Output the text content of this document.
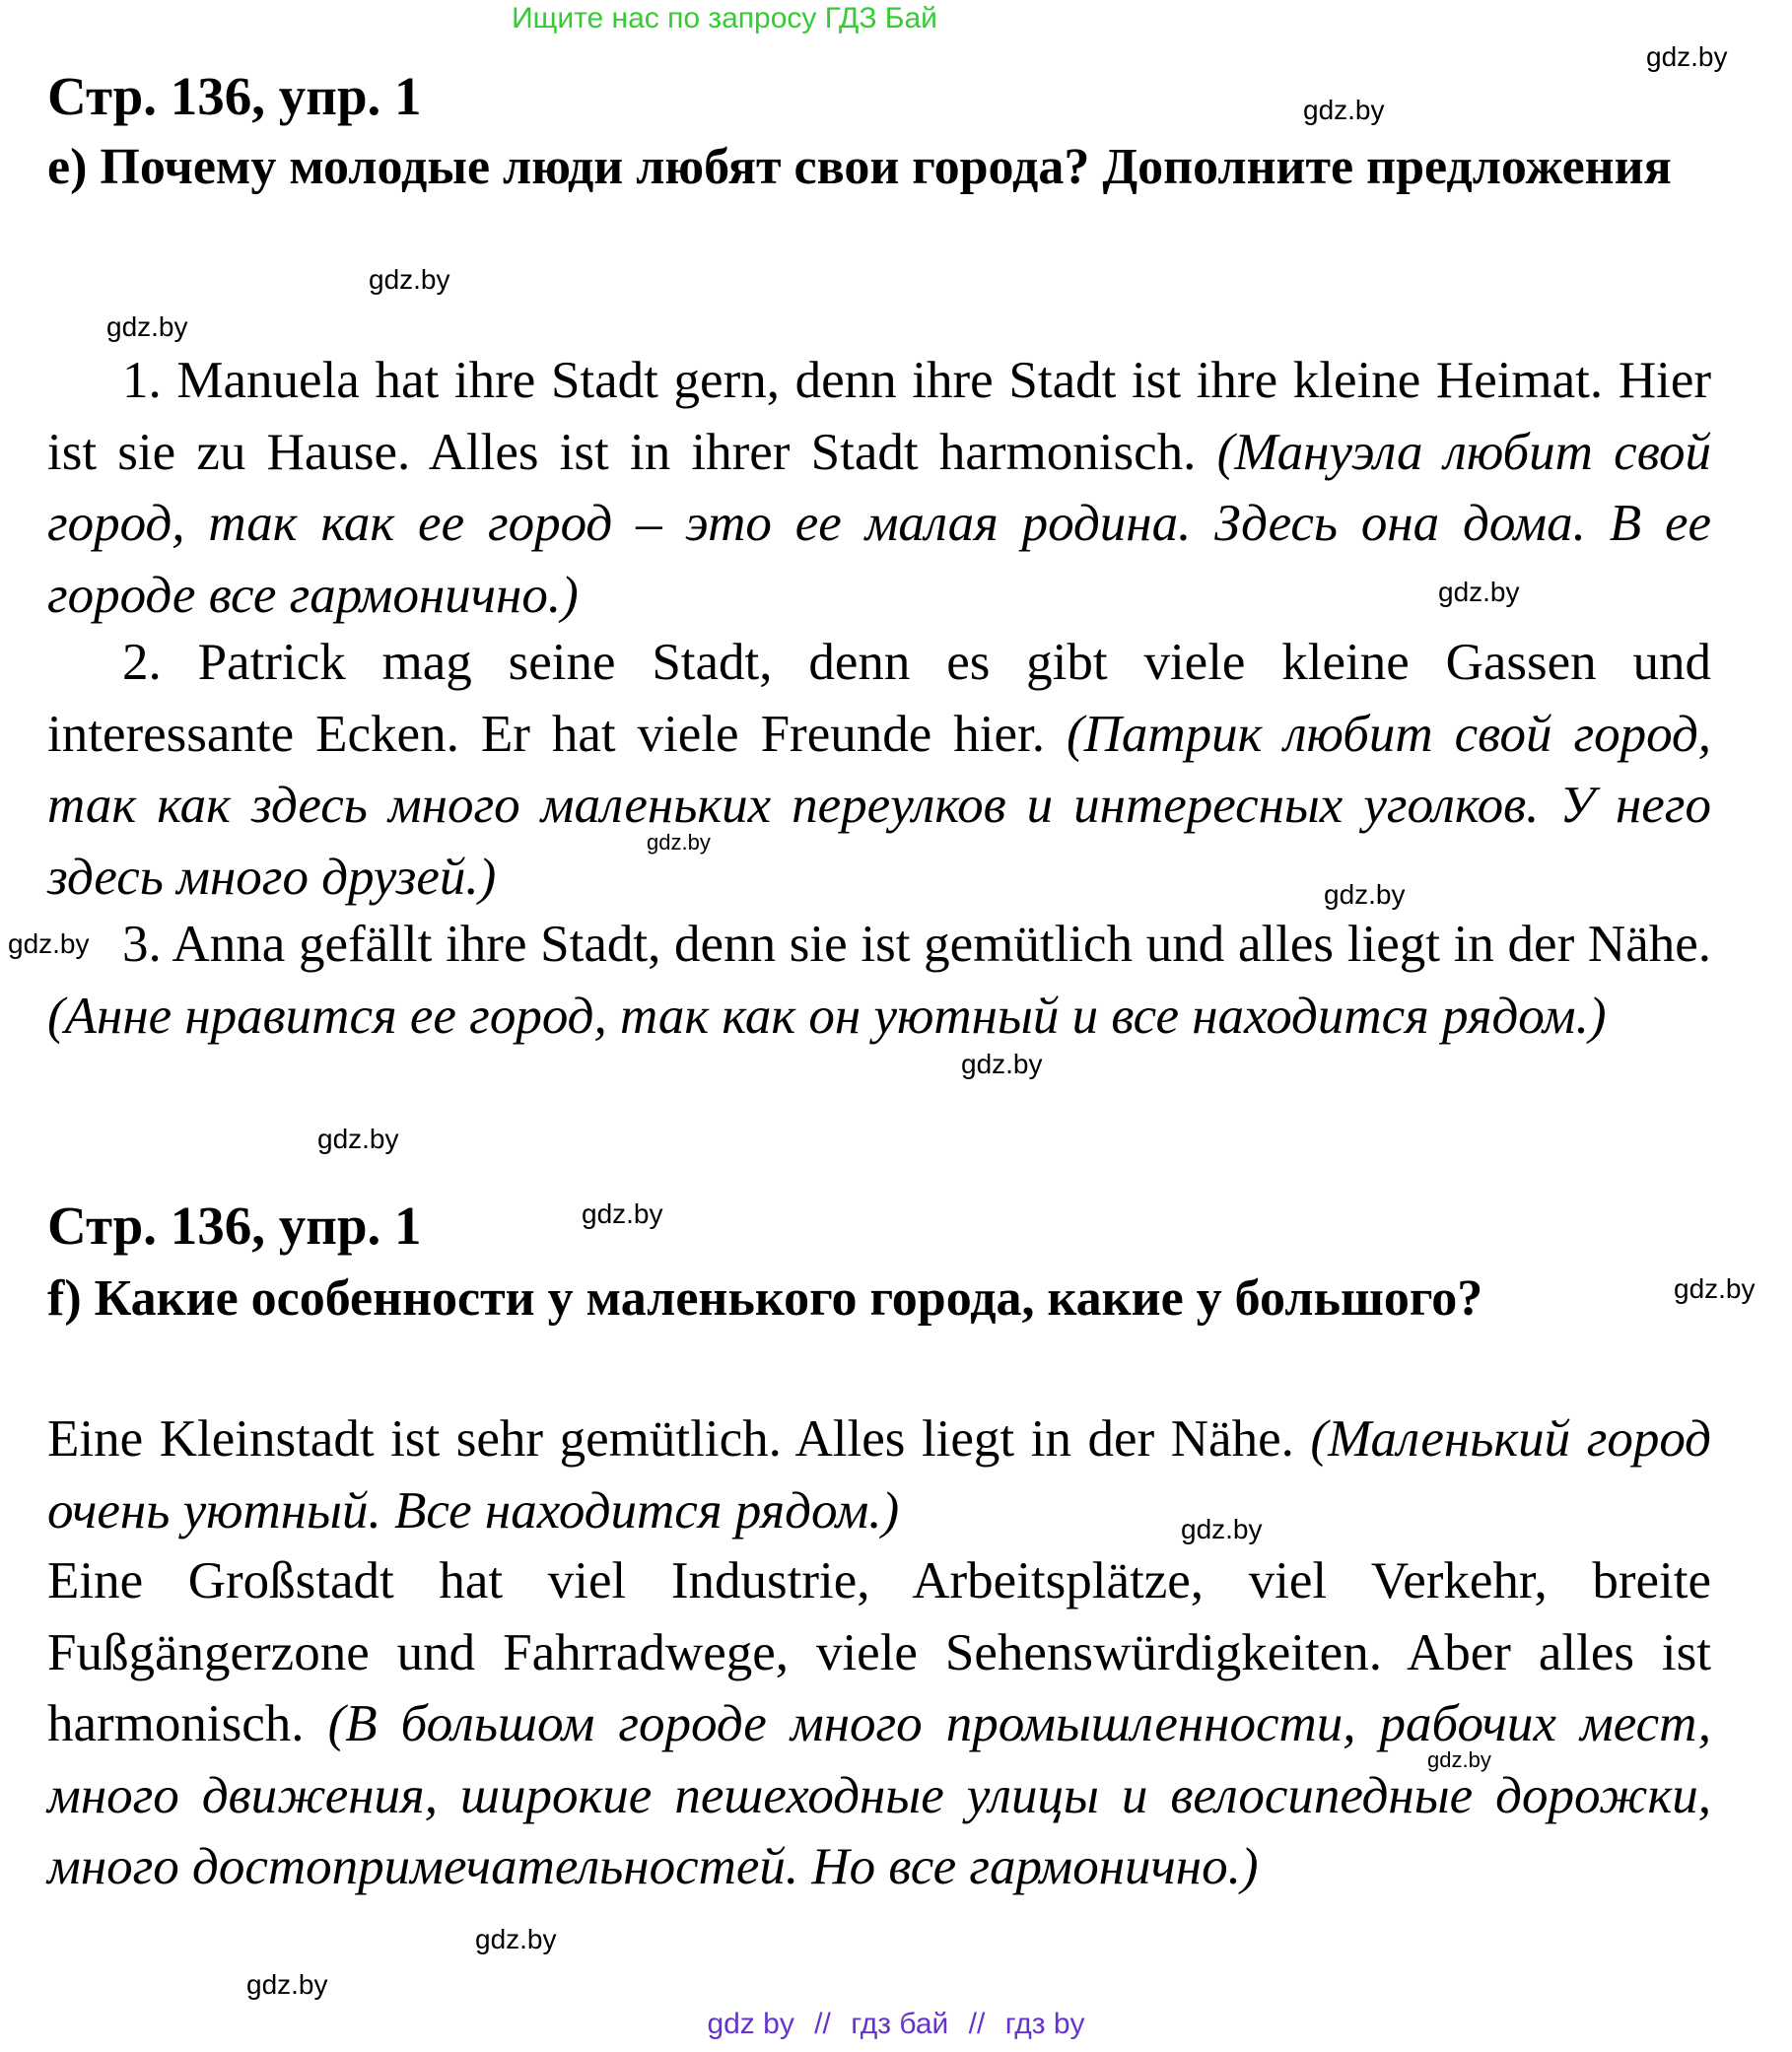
Ищите нас по запросу ГДЗ Бай
gdz.by
gdz.by
gdz.by
gdz.by
gdz.by
gdz.by
gdz.by
gdz.by
gdz.by
gdz.by
gdz.by
gdz.by
gdz.by
gdz.by
gdz.by
gdz.by
Стр. 136, упр. 1
e) Почему молодые люди любят свои города? Дополните предложения
1. Manuela hat ihre Stadt gern, denn ihre Stadt ist ihre kleine Heimat. Hier ist sie zu Hause. Alles ist in ihrer Stadt harmonisch. (Мануэла любит свой город, так как ее город – это ее малая родина. Здесь она дома. В ее городе все гармонично.)
2. Patrick mag seine Stadt, denn es gibt viele kleine Gassen und interessante Ecken. Er hat viele Freunde hier. (Патрик любит свой город, так как здесь много маленьких переулков и интересных уголков. У него здесь много друзей.)
3. Anna gefällt ihre Stadt, denn sie ist gemütlich und alles liegt in der Nähe. (Анне нравится ее город, так как он уютный и все находится рядом.)
Стр. 136, упр. 1
f) Какие особенности у маленького города, какие у большого?
Eine Kleinstadt ist sehr gemütlich. Alles liegt in der Nähe. (Маленький город очень уютный. Все находится рядом.)
Eine Großstadt hat viel Industrie, Arbeitsplätze, viel Verkehr, breite Fußgängerzone und Fahrradwege, viele Sehenswürdigkeiten. Aber alles ist harmonisch. (В большом городе много промышленности, рабочих мест, много движения, широкие пешеходные улицы и велосипедные дорожки, много достопримечательностей. Но все гармонично.)
gdz by // гдз бай // гдз by
